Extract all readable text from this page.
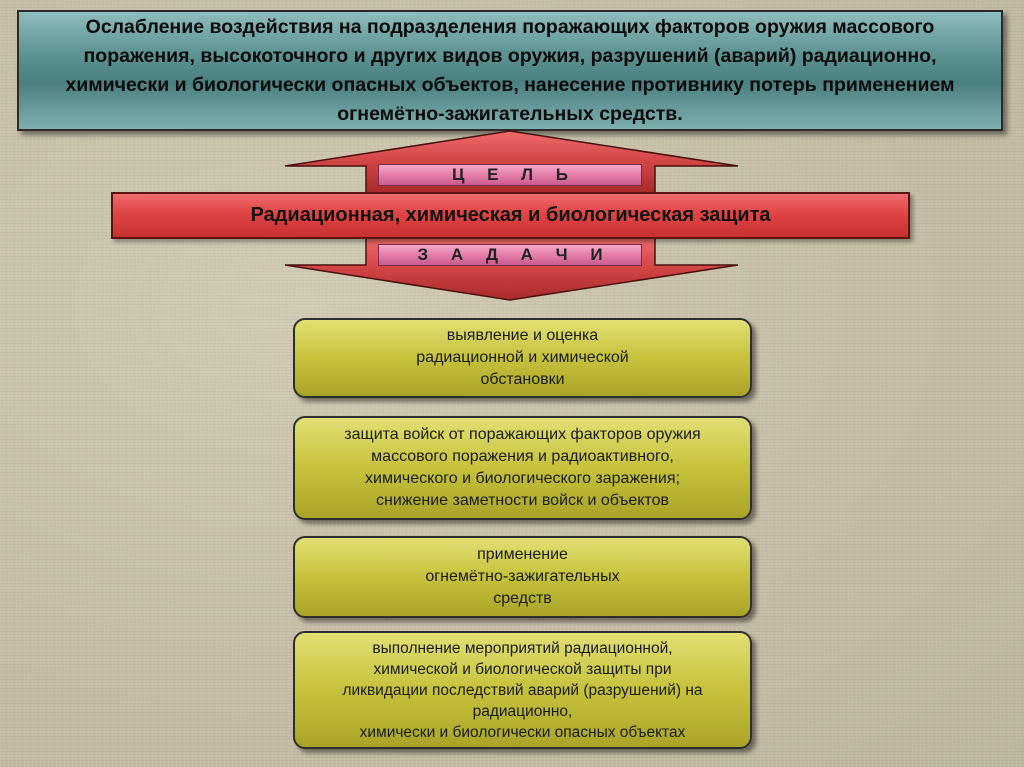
Ослабление воздействия на подразделения поражающих факторов оружия массового поражения, высокоточного и других видов оружия, разрушений (аварий) радиационно, химически и биологически опасных объектов, нанесение противнику потерь применением огнемётно-зажигательных средств.
Ц Е Л Ь
Радиационная, химическая и биологическая защита
З А Д А Ч И
выявление и оценка
радиационной и химической
обстановки
защита войск от поражающих факторов оружия
массового поражения и радиоактивного,
химического и биологического заражения;
снижение заметности войск и объектов
применение
огнемётно-зажигательных
средств
выполнение мероприятий радиационной,
химической и биологической защиты при
ликвидации последствий аварий (разрушений) на
радиационно,
химически и биологически опасных объектах
